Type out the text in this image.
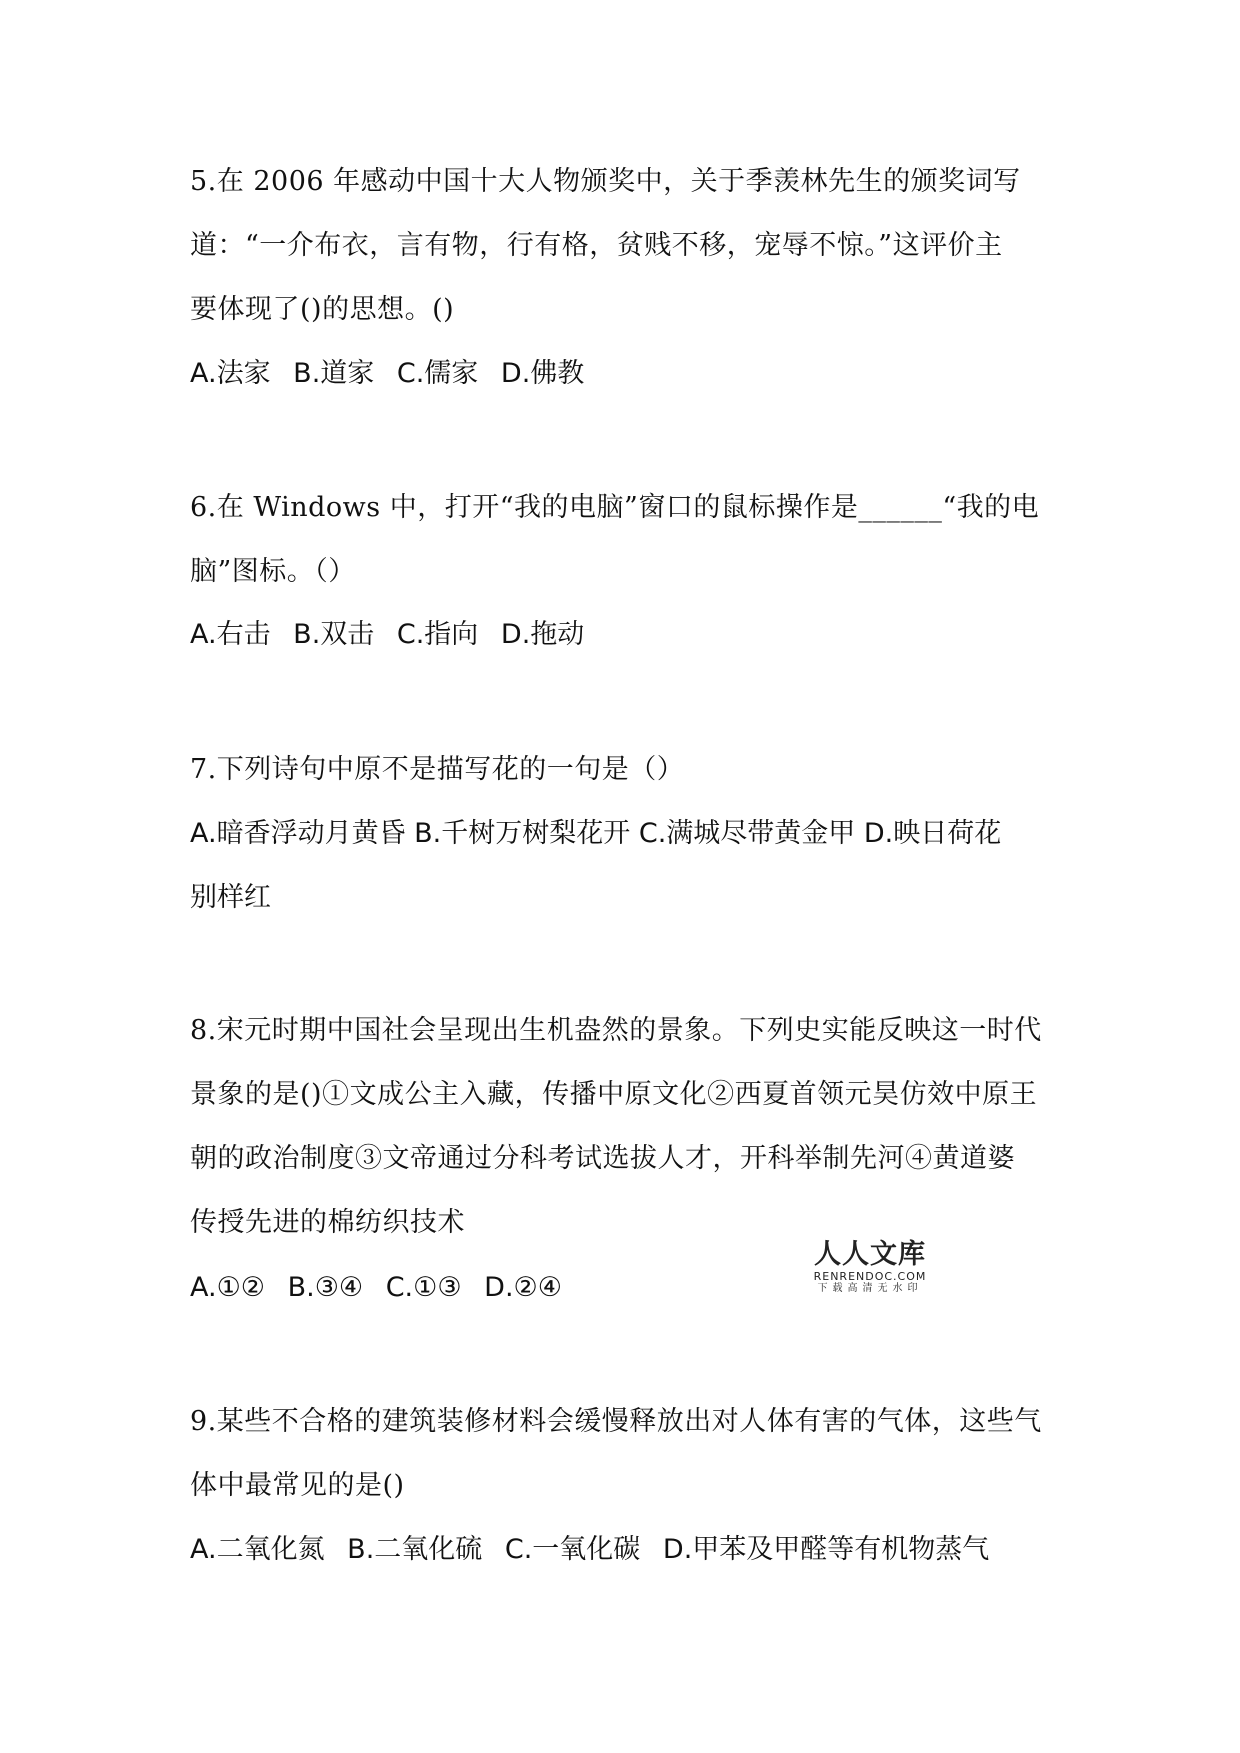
5.在 2006 年感动中国十大人物颁奖中，关于季羡林先生的颁奖词写
道：“一介布衣，言有物，行有格，贫贱不移，宠辱不惊。”这评价主
要体现了()的思想。()
A.法家 B.道家 C.儒家 D.佛教
6.在 Windows 中，打开“我的电脑”窗口的鼠标操作是______“我的电
脑”图标。（）
A.右击 B.双击 C.指向 D.拖动
7.下列诗句中原不是描写花的一句是（）
A.暗香浮动月黄昏 B.千树万树梨花开 C.满城尽带黄金甲 D.映日荷花
别样红
8.宋元时期中国社会呈现出生机盎然的景象。下列史实能反映这一时代
景象的是()①文成公主入藏，传播中原文化②西夏首领元昊仿效中原王
朝的政治制度③文帝通过分科考试选拔人才，开科举制先河④黄道婆
传授先进的棉纺织技术
A.①② B.③④ C.①③ D.②④
人人文库
RENRENDOC.COM
下载高清无水印
9.某些不合格的建筑装修材料会缓慢释放出对人体有害的气体，这些气
体中最常见的是()
A.二氧化氮 B.二氧化硫 C.一氧化碳 D.甲苯及甲醛等有机物蒸气
